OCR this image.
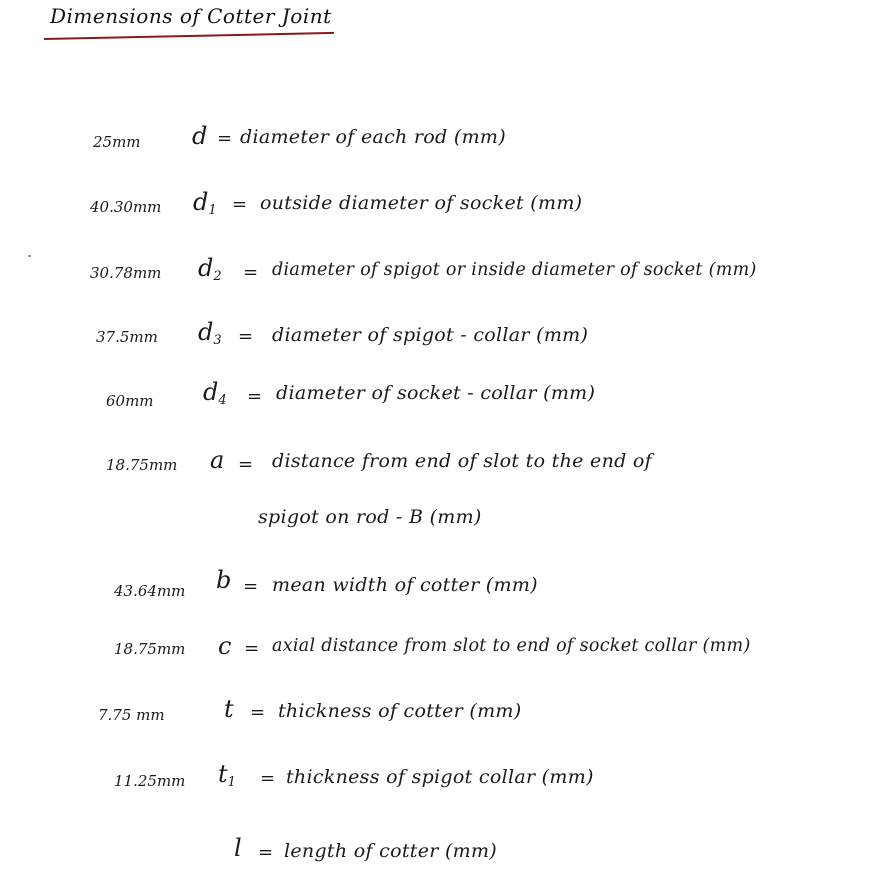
Dimensions of Cotter Joint
25mm d = diameter of each rod (mm)
40.30mm $d_1$ = outside diameter of socket (mm)
30.78mm $d_2$ = diameter of spigot or inside diameter of socket (mm)
37.5mm $d_3$ = diameter of spigot - collar (mm)
60mm $d_4$ = diameter of socket - collar (mm)
18.75mm a = distance from end of slot to the end of
spigot on rod - B (mm)
43.64mm b = mean width of cotter (mm)
18.75mm c = axial distance from slot to end of socket collar (mm)
7.75 mm t = thickness of cotter (mm)
11.25mm $t_1$ = thickness of spigot collar (mm)
l = length of cotter (mm)
